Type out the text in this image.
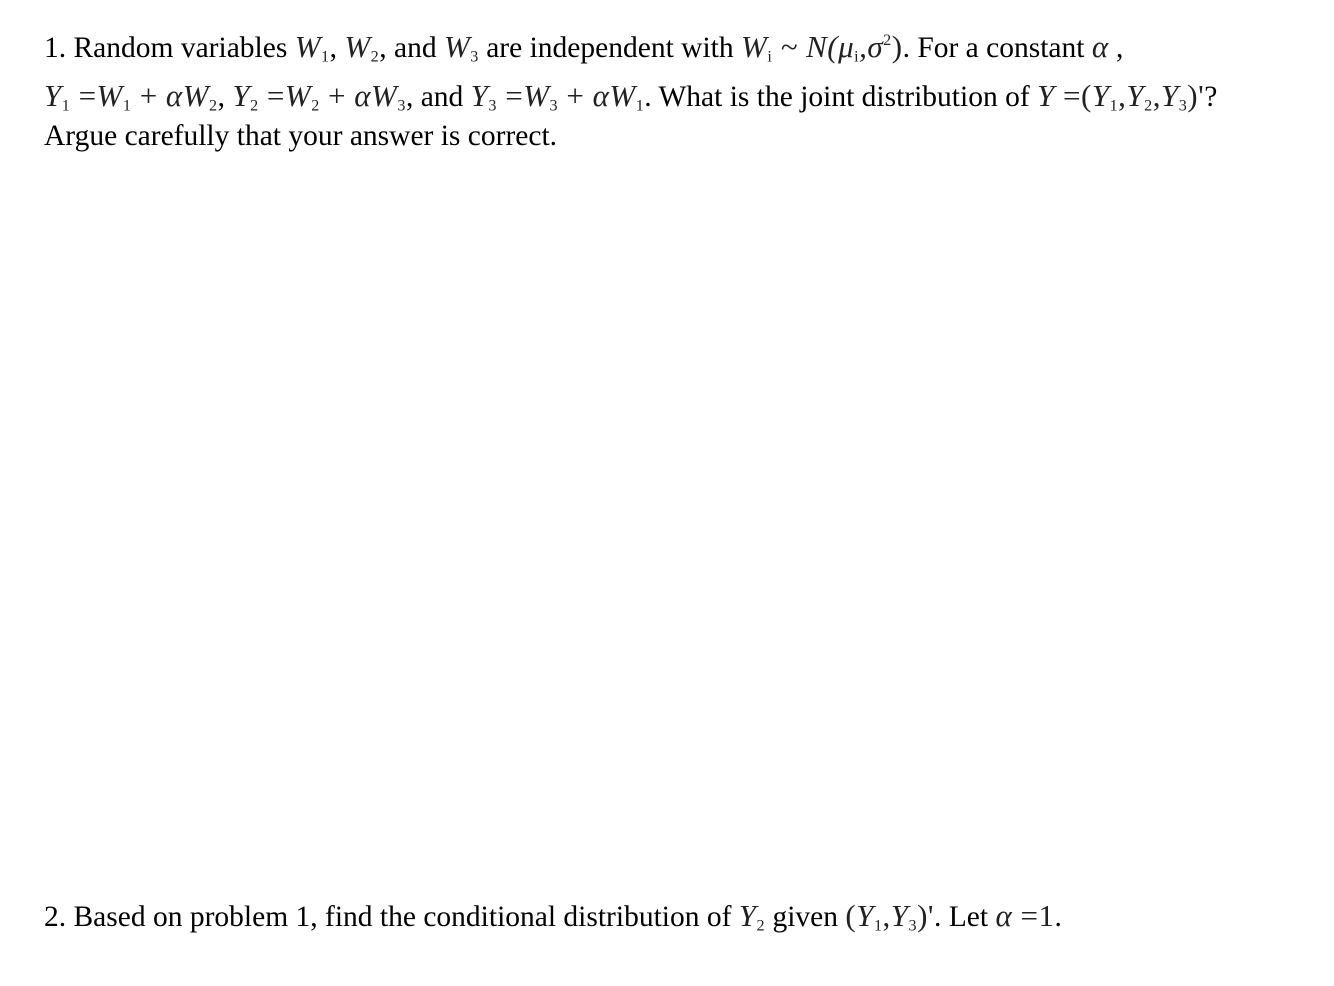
1. Random variables $W_1$, $W_2$, and $W_3$ are independent with $W_i$ ~ $N(\mu_i,\sigma^2)$. For a constant α ,
$Y_1 =W_1 + \alpha W_2$, $Y_2 =W_2 + \alpha W_3$, and $Y_3 =W_3 + \alpha W_1$. What is the joint distribution of $Y =(Y_1,Y_2,Y_3)'$?
Argue carefully that your answer is correct.
2. Based on problem 1, find the conditional distribution of $Y_2$ given $(Y_1,Y_3)'$. Let α =1.
